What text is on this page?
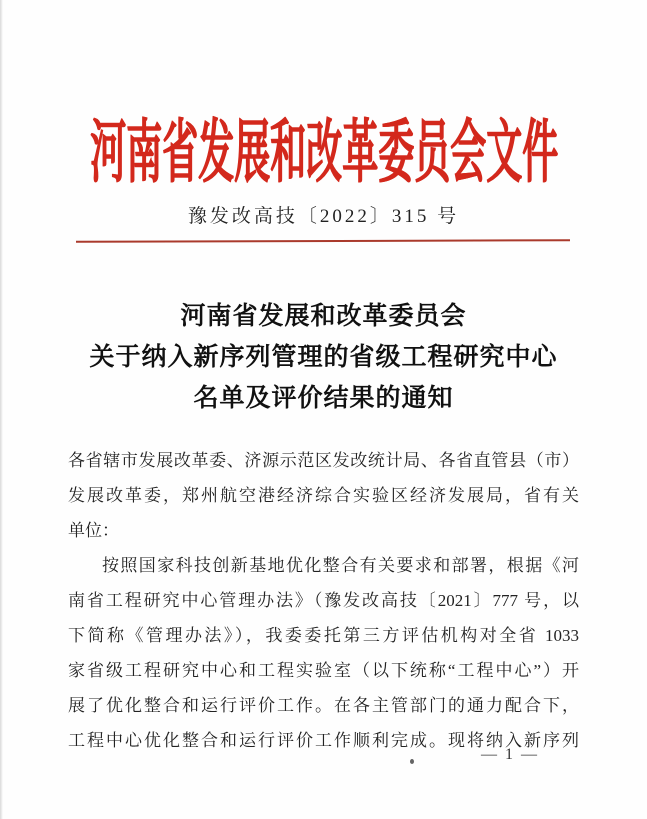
河南省发展和改革委员会文件
豫发改高技〔2022〕315 号
河南省发展和改革委员会
关于纳入新序列管理的省级工程研究中心
名单及评价结果的通知
各省辖市发展改革委、济源示范区发改统计局、各省直管县（市）
发展改革委，郑州航空港经济综合实验区经济发展局，省有关
单位：
按照国家科技创新基地优化整合有关要求和部署，根据《河
南省工程研究中心管理办法》（豫发改高技〔2021〕777 号，以
下简称《管理办法》），我委委托第三方评估机构对全省 1033
家省级工程研究中心和工程实验室（以下统称“工程中心”）开
展了优化整合和运行评价工作。在各主管部门的通力配合下，
工程中心优化整合和运行评价工作顺利完成。现将纳入新序列
— 1 —
